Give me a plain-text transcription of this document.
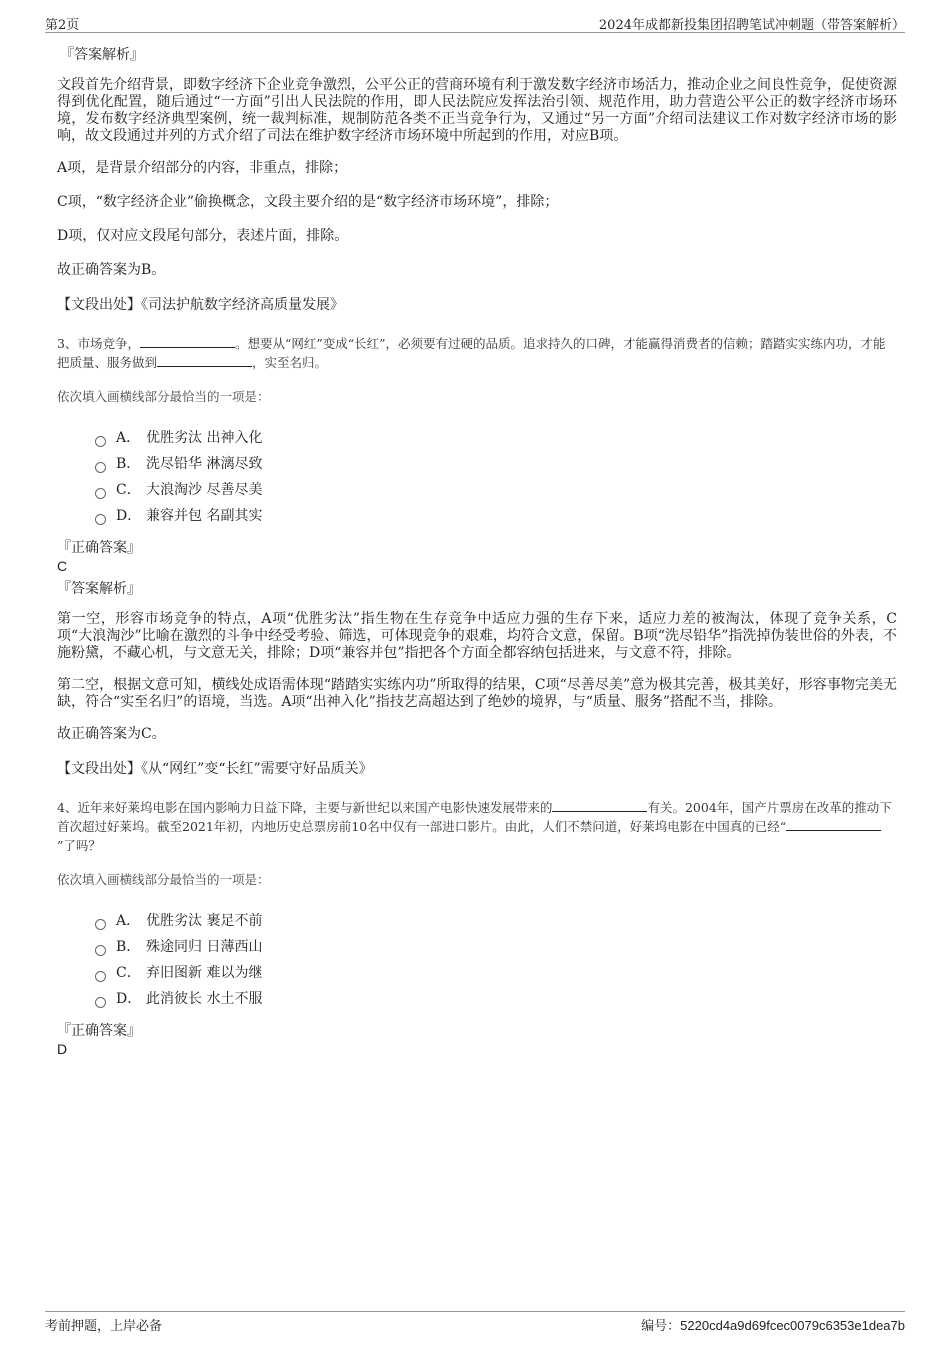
第2页	2024年成都新投集团招聘笔试冲刺题（带答案解析）

『答案解析』

文段首先介绍背景，即数字经济下企业竞争激烈，公平公正的营商环境有利于激发数字经济市场活力，推动企业之间良性竞争，促使资源得到优化配置，随后通过“一方面”引出人民法院的作用，即人民法院应发挥法治引领、规范作用，助力营造公平公正的数字经济市场环境，发布数字经济典型案例，统一裁判标准，规制防范各类不正当竞争行为，又通过“另一方面”介绍司法建议工作对数字经济市场的影响，故文段通过并列的方式介绍了司法在维护数字经济市场环境中所起到的作用，对应B项。

A项，是背景介绍部分的内容，非重点，排除；

C项，“数字经济企业”偷换概念，文段主要介绍的是“数字经济市场环境”，排除；

D项，仅对应文段尾句部分，表述片面，排除。

故正确答案为B。

【文段出处】《司法护航数字经济高质量发展》

3、市场竞争，	。想要从“网红”变成“长红”，必须要有过硬的品质。追求持久的口碑，才能赢得消费者的信赖；踏踏实实练内功，才能把质量、服务做到	，实至名归。

依次填入画横线部分最恰当的一项是：

A． 优胜劣汰 出神入化
B． 洗尽铅华 淋漓尽致
C． 大浪淘沙 尽善尽美
D． 兼容并包 名副其实

『正确答案』

C

『答案解析』

第一空，形容市场竞争的特点，A项“优胜劣汰”指生物在生存竞争中适应力强的生存下来，适应力差的被淘汰，体现了竞争关系，C项“大浪淘沙”比喻在激烈的斗争中经受考验、筛选，可体现竞争的艰难，均符合文意，保留。B项“洗尽铅华”指洗掉伪装世俗的外表，不施粉黛，不藏心机，与文意无关，排除；D项“兼容并包”指把各个方面全都容纳包括进来，与文意不符，排除。

第二空，根据文意可知，横线处成语需体现“踏踏实实练内功”所取得的结果，C项“尽善尽美”意为极其完善，极其美好，形容事物完美无缺，符合“实至名归”的语境，当选。A项“出神入化”指技艺高超达到了绝妙的境界，与“质量、服务”搭配不当，排除。

故正确答案为C。

【文段出处】《从“网红”变“长红”需要守好品质关》

4、近年来好莱坞电影在国内影响力日益下降，主要与新世纪以来国产电影快速发展带来的	有关。2004年，国产片票房在改革的推动下首次超过好莱坞。截至2021年初，内地历史总票房前10名中仅有一部进口影片。由此，人们不禁问道，好莱坞电影在中国真的已经“”了吗？

依次填入画横线部分最恰当的一项是：

A． 优胜劣汰 裹足不前
B． 殊途同归 日薄西山
C． 弃旧图新 难以为继
D． 此消彼长 水土不服

『正确答案』

D

考前押题，上岸必备	编号：5220cd4a9d69fcec0079c6353e1dea7b
